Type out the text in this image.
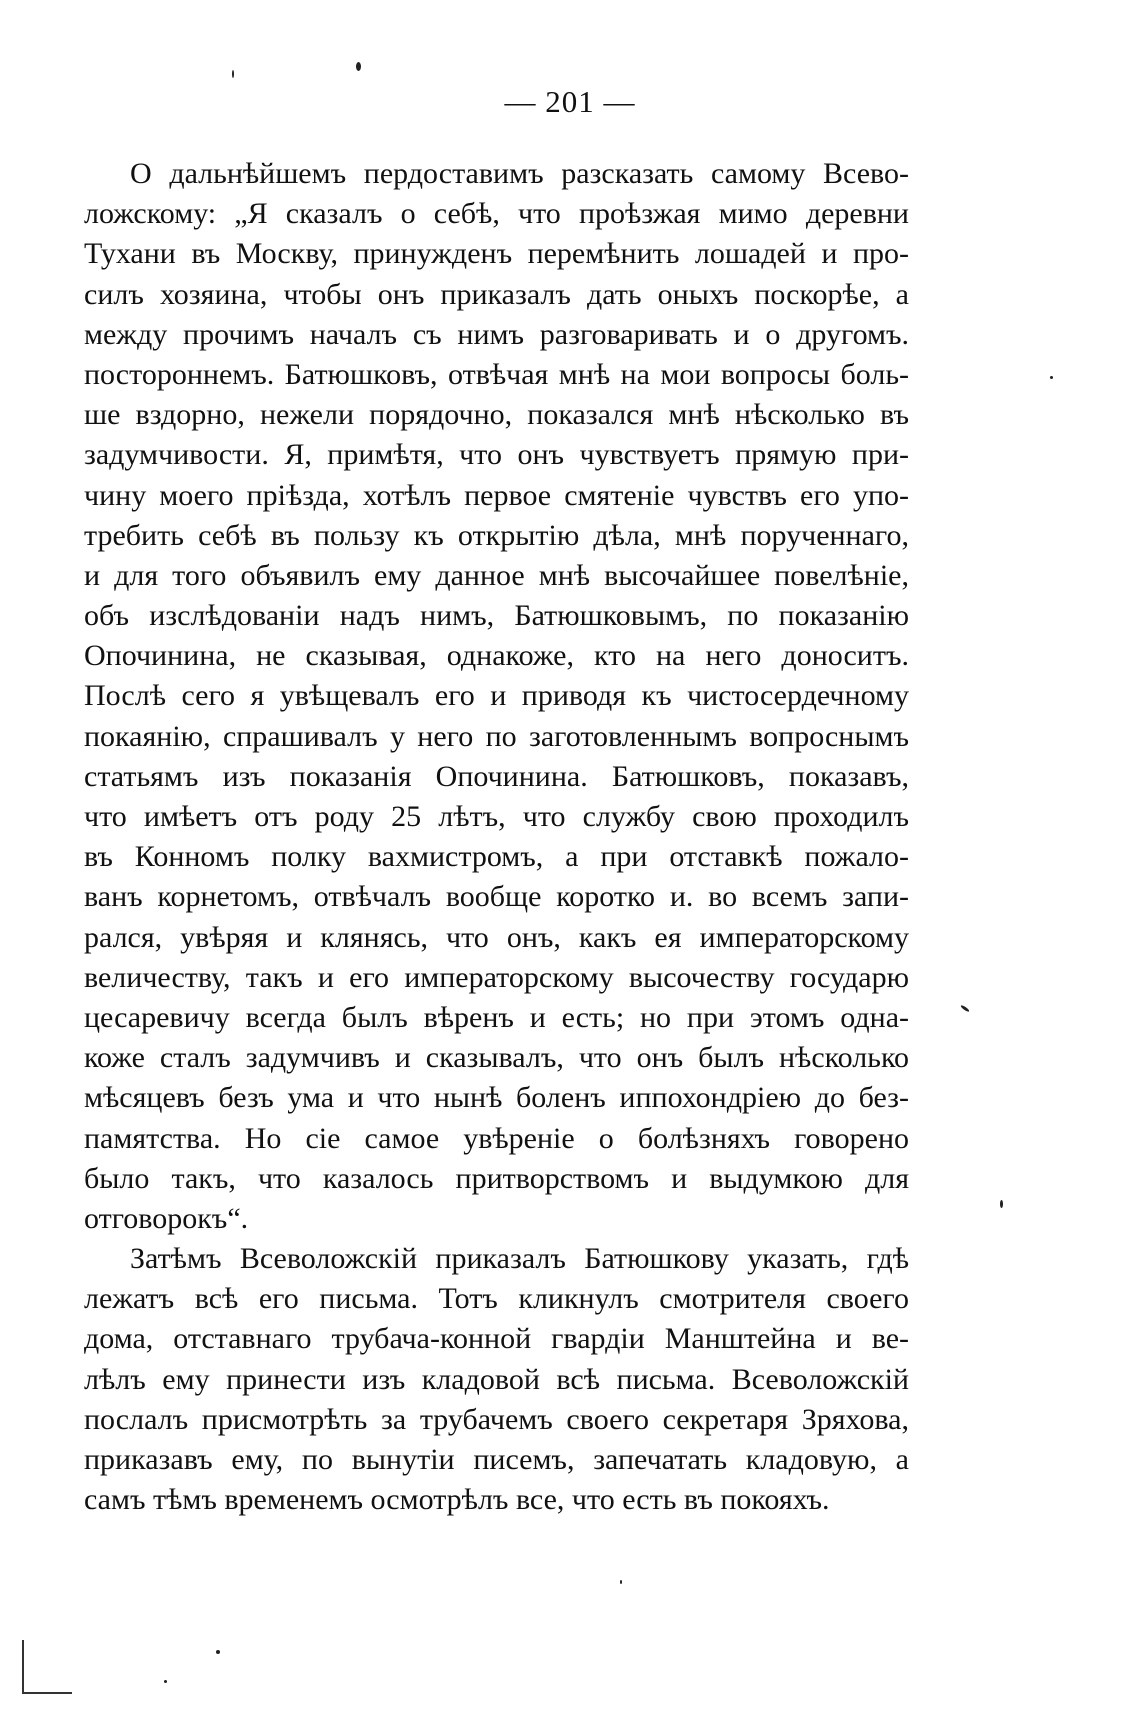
— 201 —
О дальнѣйшемъ пердоставимъ разсказать самому Всево-
ложскому: „Я сказалъ о себѣ, что проѣзжая мимо деревни
Тухани въ Москву, принужденъ перемѣнить лошадей и про-
силъ хозяина, чтобы онъ приказалъ дать оныхъ поскорѣе, а
между прочимъ началъ съ нимъ разговаривать и о другомъ.
постороннемъ. Батюшковъ, отвѣчая мнѣ на мои вопросы боль-
ше вздорно, нежели порядочно, показался мнѣ нѣсколько въ
задумчивости. Я, примѣтя, что онъ чувствуетъ прямую при-
чину моего пріѣзда, хотѣлъ первое смятеніе чувствъ его упо-
требить себѣ въ пользу къ открытію дѣла, мнѣ порученнаго,
и для того объявилъ ему данное мнѣ высочайшее повелѣніе,
объ изслѣдованіи надъ нимъ, Батюшковымъ, по показанію
Опочинина, не сказывая, однакоже, кто на него доноситъ.
Послѣ сего я увѣщевалъ его и приводя къ чистосердечному
покаянію, спрашивалъ у него по заготовленнымъ вопроснымъ
статьямъ изъ показанія Опочинина. Батюшковъ, показавъ,
что имѣетъ отъ роду 25 лѣтъ, что службу свою проходилъ
въ Конномъ полку вахмистромъ, а при отставкѣ пожало-
ванъ корнетомъ, отвѣчалъ вообще коротко и. во всемъ запи-
рался, увѣряя и клянясь, что онъ, какъ ея императорскому
величеству, такъ и его императорскому высочеству государю
цесаревичу всегда былъ вѣренъ и есть; но при этомъ одна-
коже сталъ задумчивъ и сказывалъ, что онъ былъ нѣсколько
мѣсяцевъ безъ ума и что нынѣ боленъ иппохондріею до без-
памятства. Но сіе самое увѣреніе о болѣзняхъ говорено
было такъ, что казалось притворствомъ и выдумкою для
отговорокъ“.
Затѣмъ Всеволожскій приказалъ Батюшкову указать, гдѣ
лежатъ всѣ его письма. Тотъ кликнулъ смотрителя своего
дома, отставнаго трубача-конной гвардіи Манштейна и ве-
лѣлъ ему принести изъ кладовой всѣ письма. Всеволожскій
послалъ присмотрѣть за трубачемъ своего секретаря Зряхова,
приказавъ ему, по вынутіи писемъ, запечатать кладовую, а
самъ тѣмъ временемъ осмотрѣлъ все, что есть въ покояхъ.
